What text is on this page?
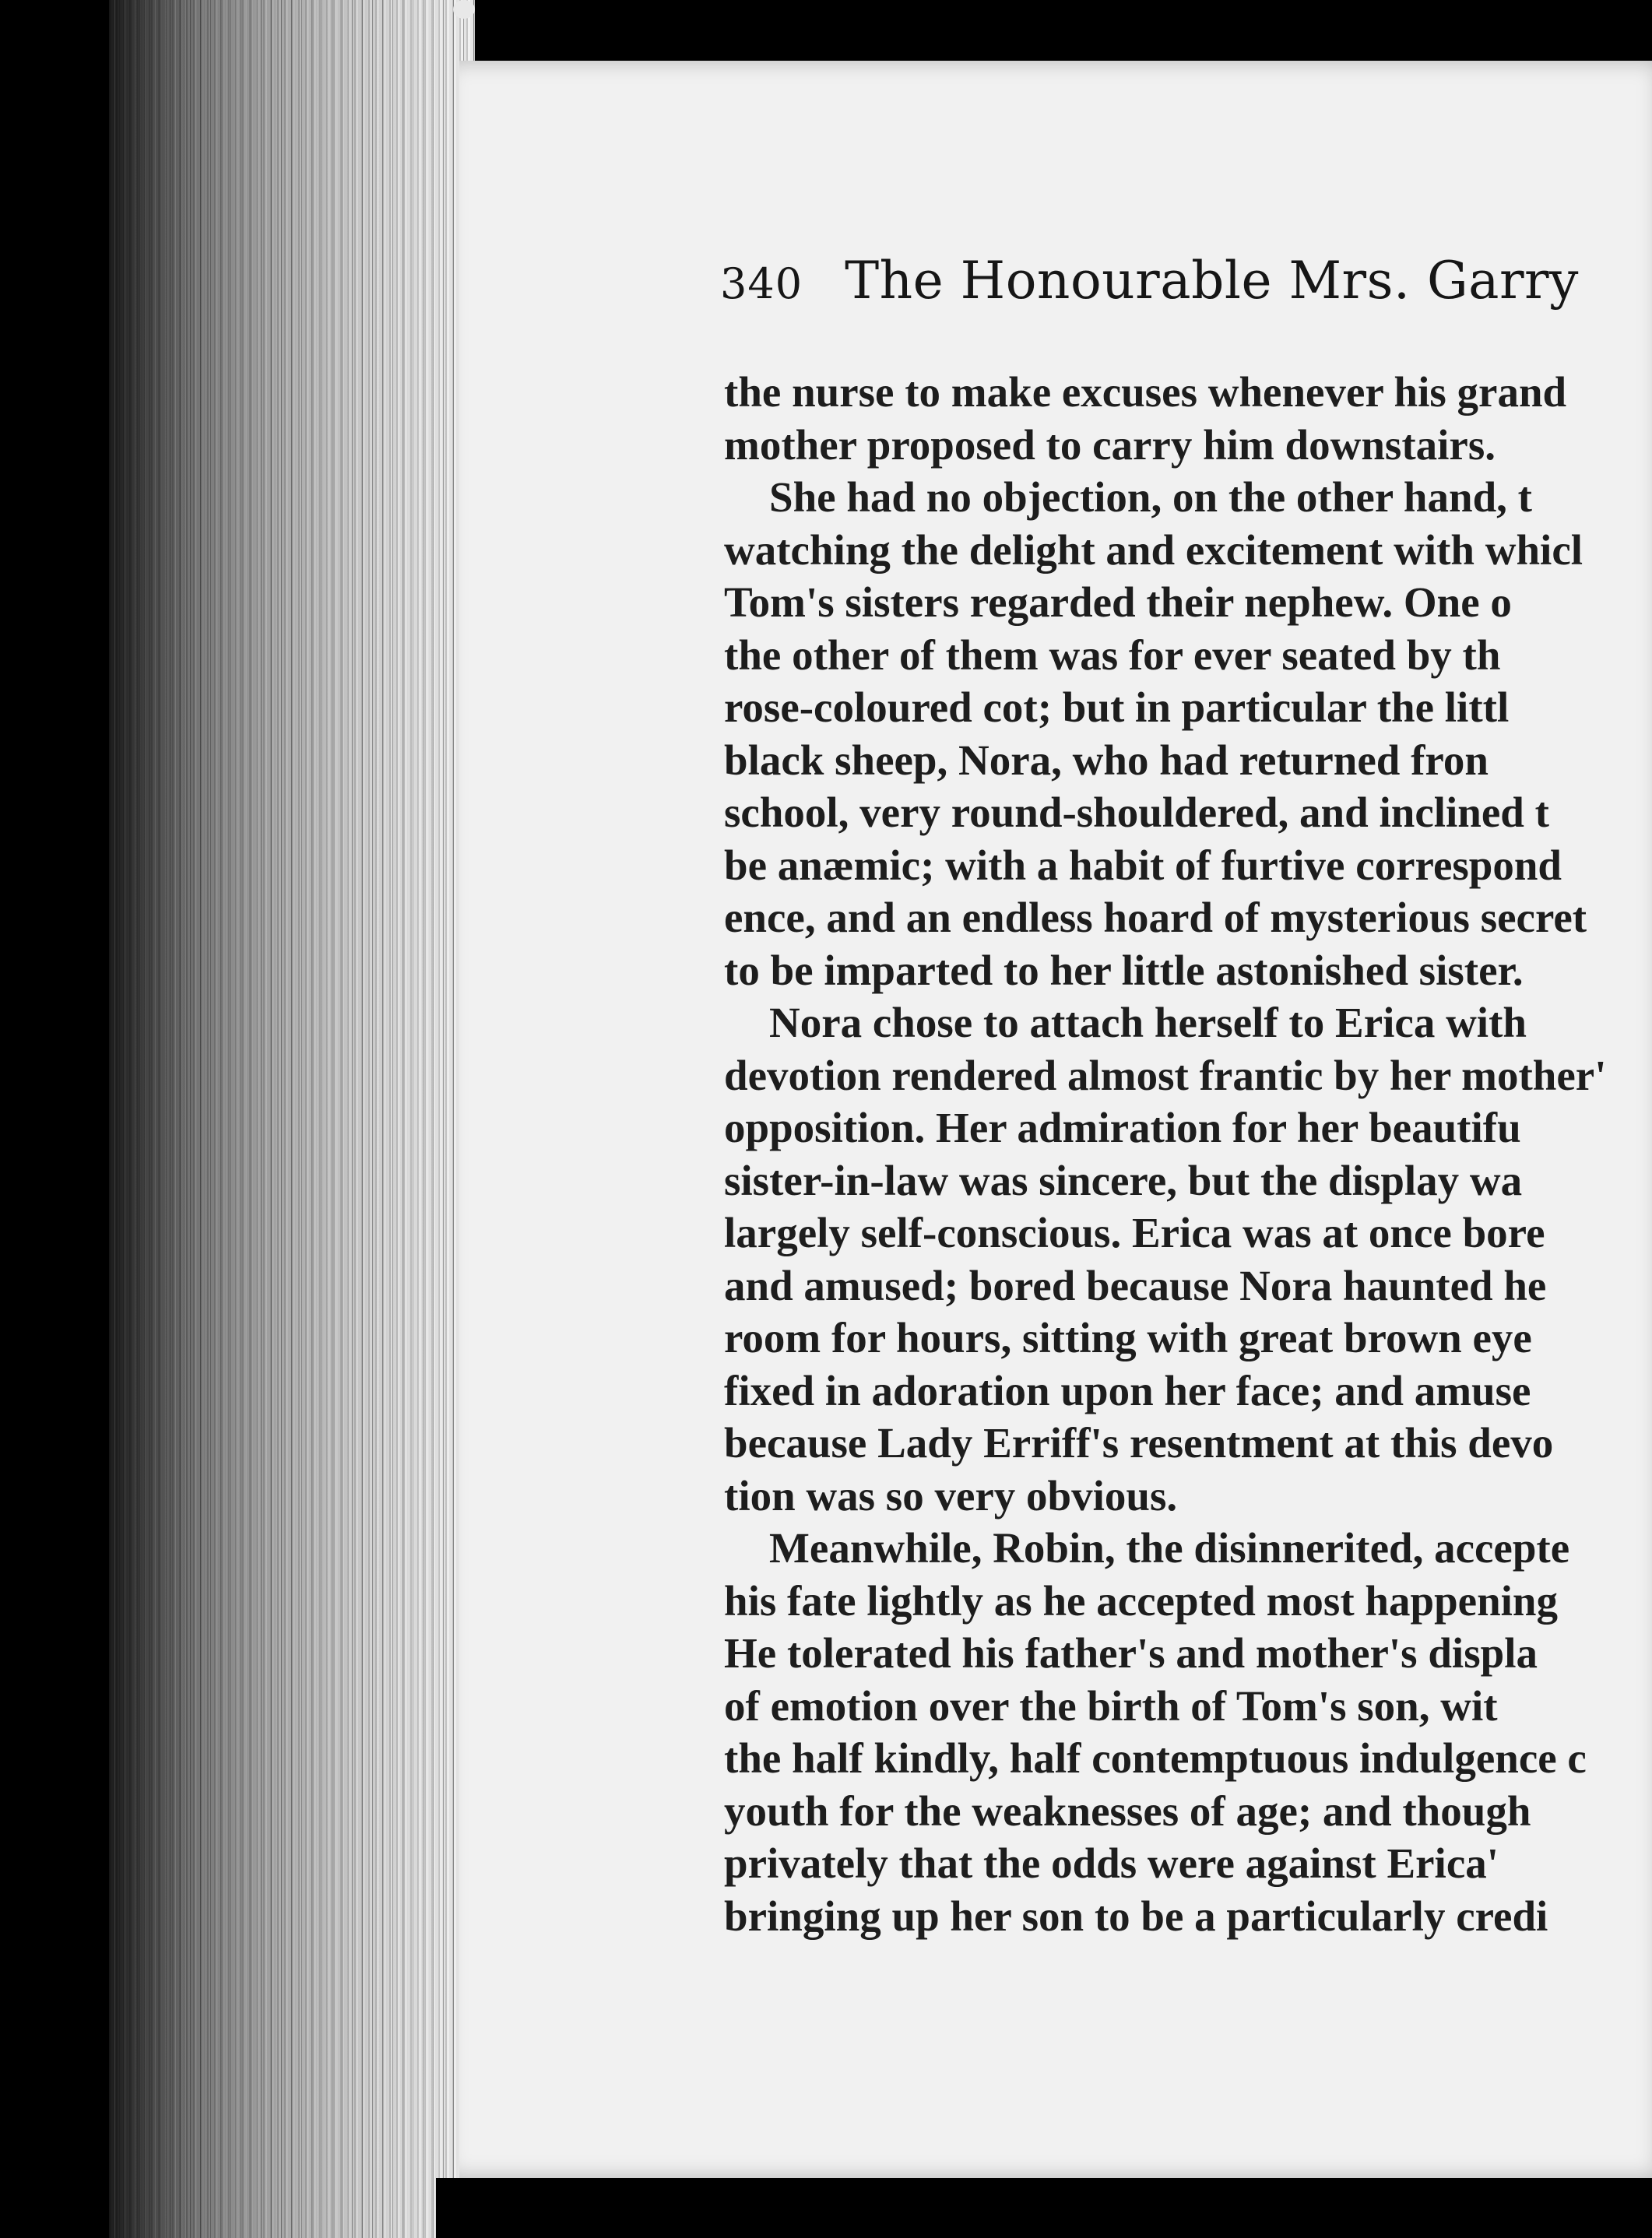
340 The Honourable Mrs. Garry
the nurse to make excuses whenever his grand
mother proposed to carry him downstairs.
She had no objection, on the other hand, t
watching the delight and excitement with whicl
Tom's sisters regarded their nephew. One o
the other of them was for ever seated by th
rose-coloured cot; but in particular the littl
black sheep, Nora, who had returned fron
school, very round-shouldered, and inclined t
be anæmic; with a habit of furtive correspond
ence, and an endless hoard of mysterious secret
to be imparted to her little astonished sister.
Nora chose to attach herself to Erica with
devotion rendered almost frantic by her mother'
opposition. Her admiration for her beautifu
sister-in-law was sincere, but the display wa
largely self-conscious. Erica was at once bore
and amused; bored because Nora haunted he
room for hours, sitting with great brown eye
fixed in adoration upon her face; and amuse
because Lady Erriff's resentment at this devo
tion was so very obvious.
Meanwhile, Robin, the disinnerited, accepte
his fate lightly as he accepted most happening
He tolerated his father's and mother's displa
of emotion over the birth of Tom's son, wit
the half kindly, half contemptuous indulgence c
youth for the weaknesses of age; and though
privately that the odds were against Erica'
bringing up her son to be a particularly credi
